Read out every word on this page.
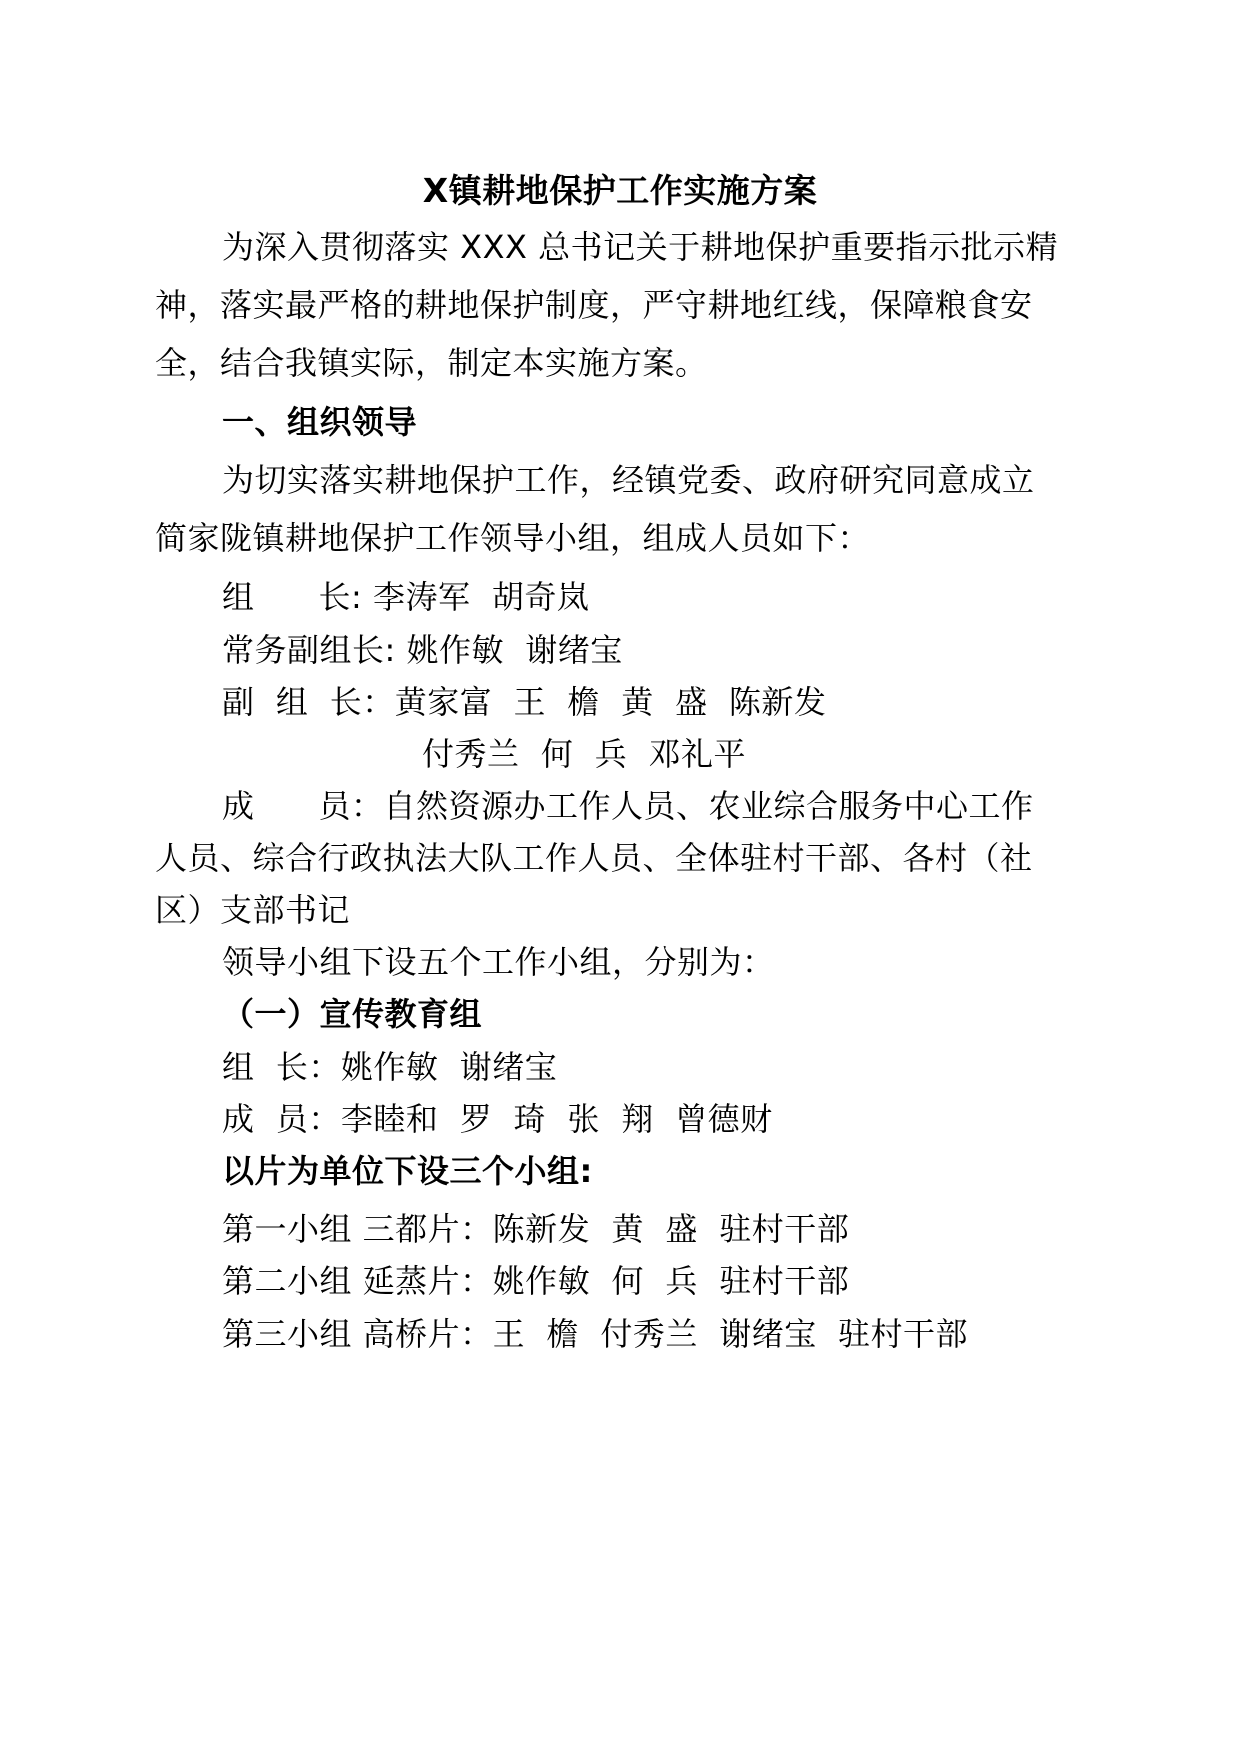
X镇耕地保护工作实施方案
为深入贯彻落实 XXX 总书记关于耕地保护重要指示批示精
神，落实最严格的耕地保护制度，严守耕地红线，保障粮食安
全，结合我镇实际，制定本实施方案。
一、组织领导
为切实落实耕地保护工作，经镇党委、政府研究同意成立
简家陇镇耕地保护工作领导小组，组成人员如下：
组      长: 李涛军  胡奇岚
常务副组长: 姚作敏  谢绪宝
副  组  长：黄家富  王  檐  黄  盛  陈新发
付秀兰  何  兵  邓礼平
成      员：自然资源办工作人员、农业综合服务中心工作
人员、综合行政执法大队工作人员、全体驻村干部、各村（社
区）支部书记
领导小组下设五个工作小组，分别为：
（一）宣传教育组
组  长：姚作敏  谢绪宝
成  员：李睦和  罗  琦  张  翔  曾德财
以片为单位下设三个小组:
第一小组 三都片：陈新发  黄  盛  驻村干部
第二小组 延蒸片：姚作敏  何  兵  驻村干部
第三小组 高桥片：王  檐  付秀兰  谢绪宝  驻村干部
